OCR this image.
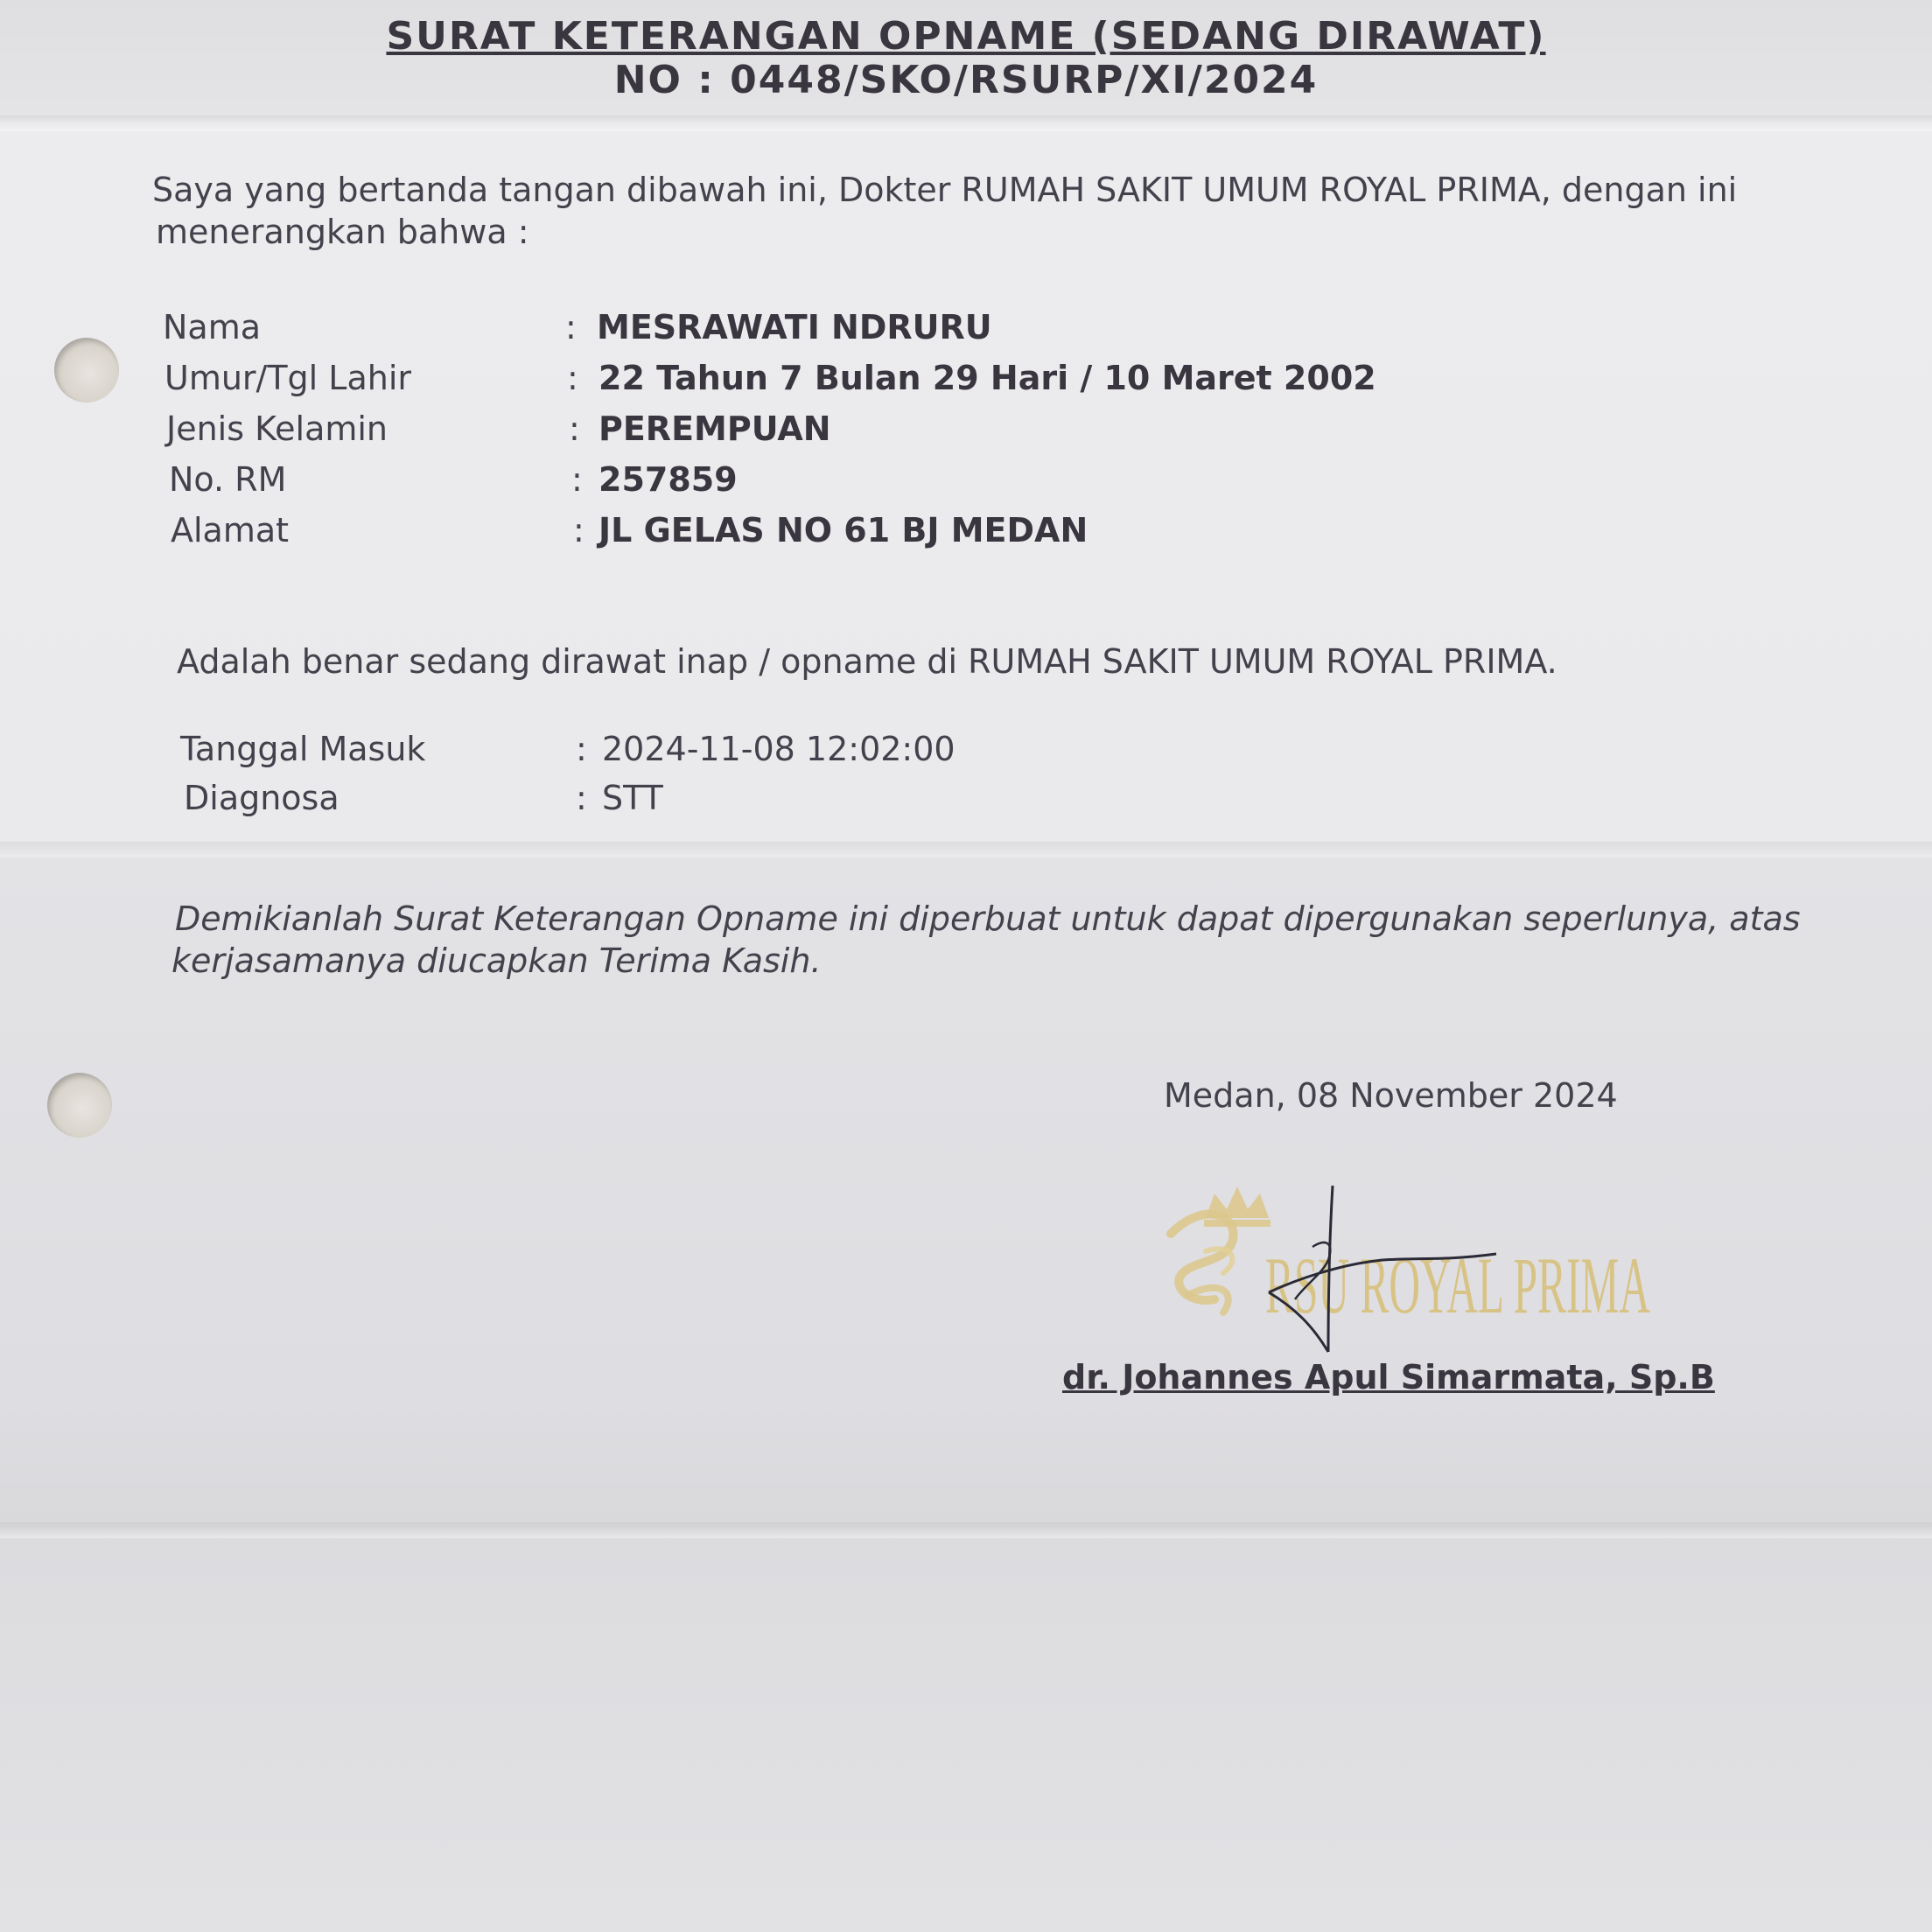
SURAT KETERANGAN OPNAME (SEDANG DIRAWAT)
NO : 0448/SKO/RSURP/XI/2024
Saya yang bertanda tangan dibawah ini, Dokter RUMAH SAKIT UMUM ROYAL PRIMA, dengan ini
menerangkan bahwa :
Nama	: MESRAWATI NDRURU
Umur/Tgl Lahir	: 22 Tahun 7 Bulan 29 Hari / 10 Maret 2002
Jenis Kelamin	: PEREMPUAN
No. RM	: 257859
Alamat	: JL GELAS NO 61 BJ MEDAN
Adalah benar sedang dirawat inap / opname di RUMAH SAKIT UMUM ROYAL PRIMA.
Tanggal Masuk	: 2024-11-08 12:02:00
Diagnosa	: STT
Demikianlah Surat Keterangan Opname ini diperbuat untuk dapat dipergunakan seperlunya, atas
kerjasamanya diucapkan Terima Kasih.
Medan, 08 November 2024
RSU ROYAL PRIMA
dr. Johannes Apul Simarmata, Sp.B
